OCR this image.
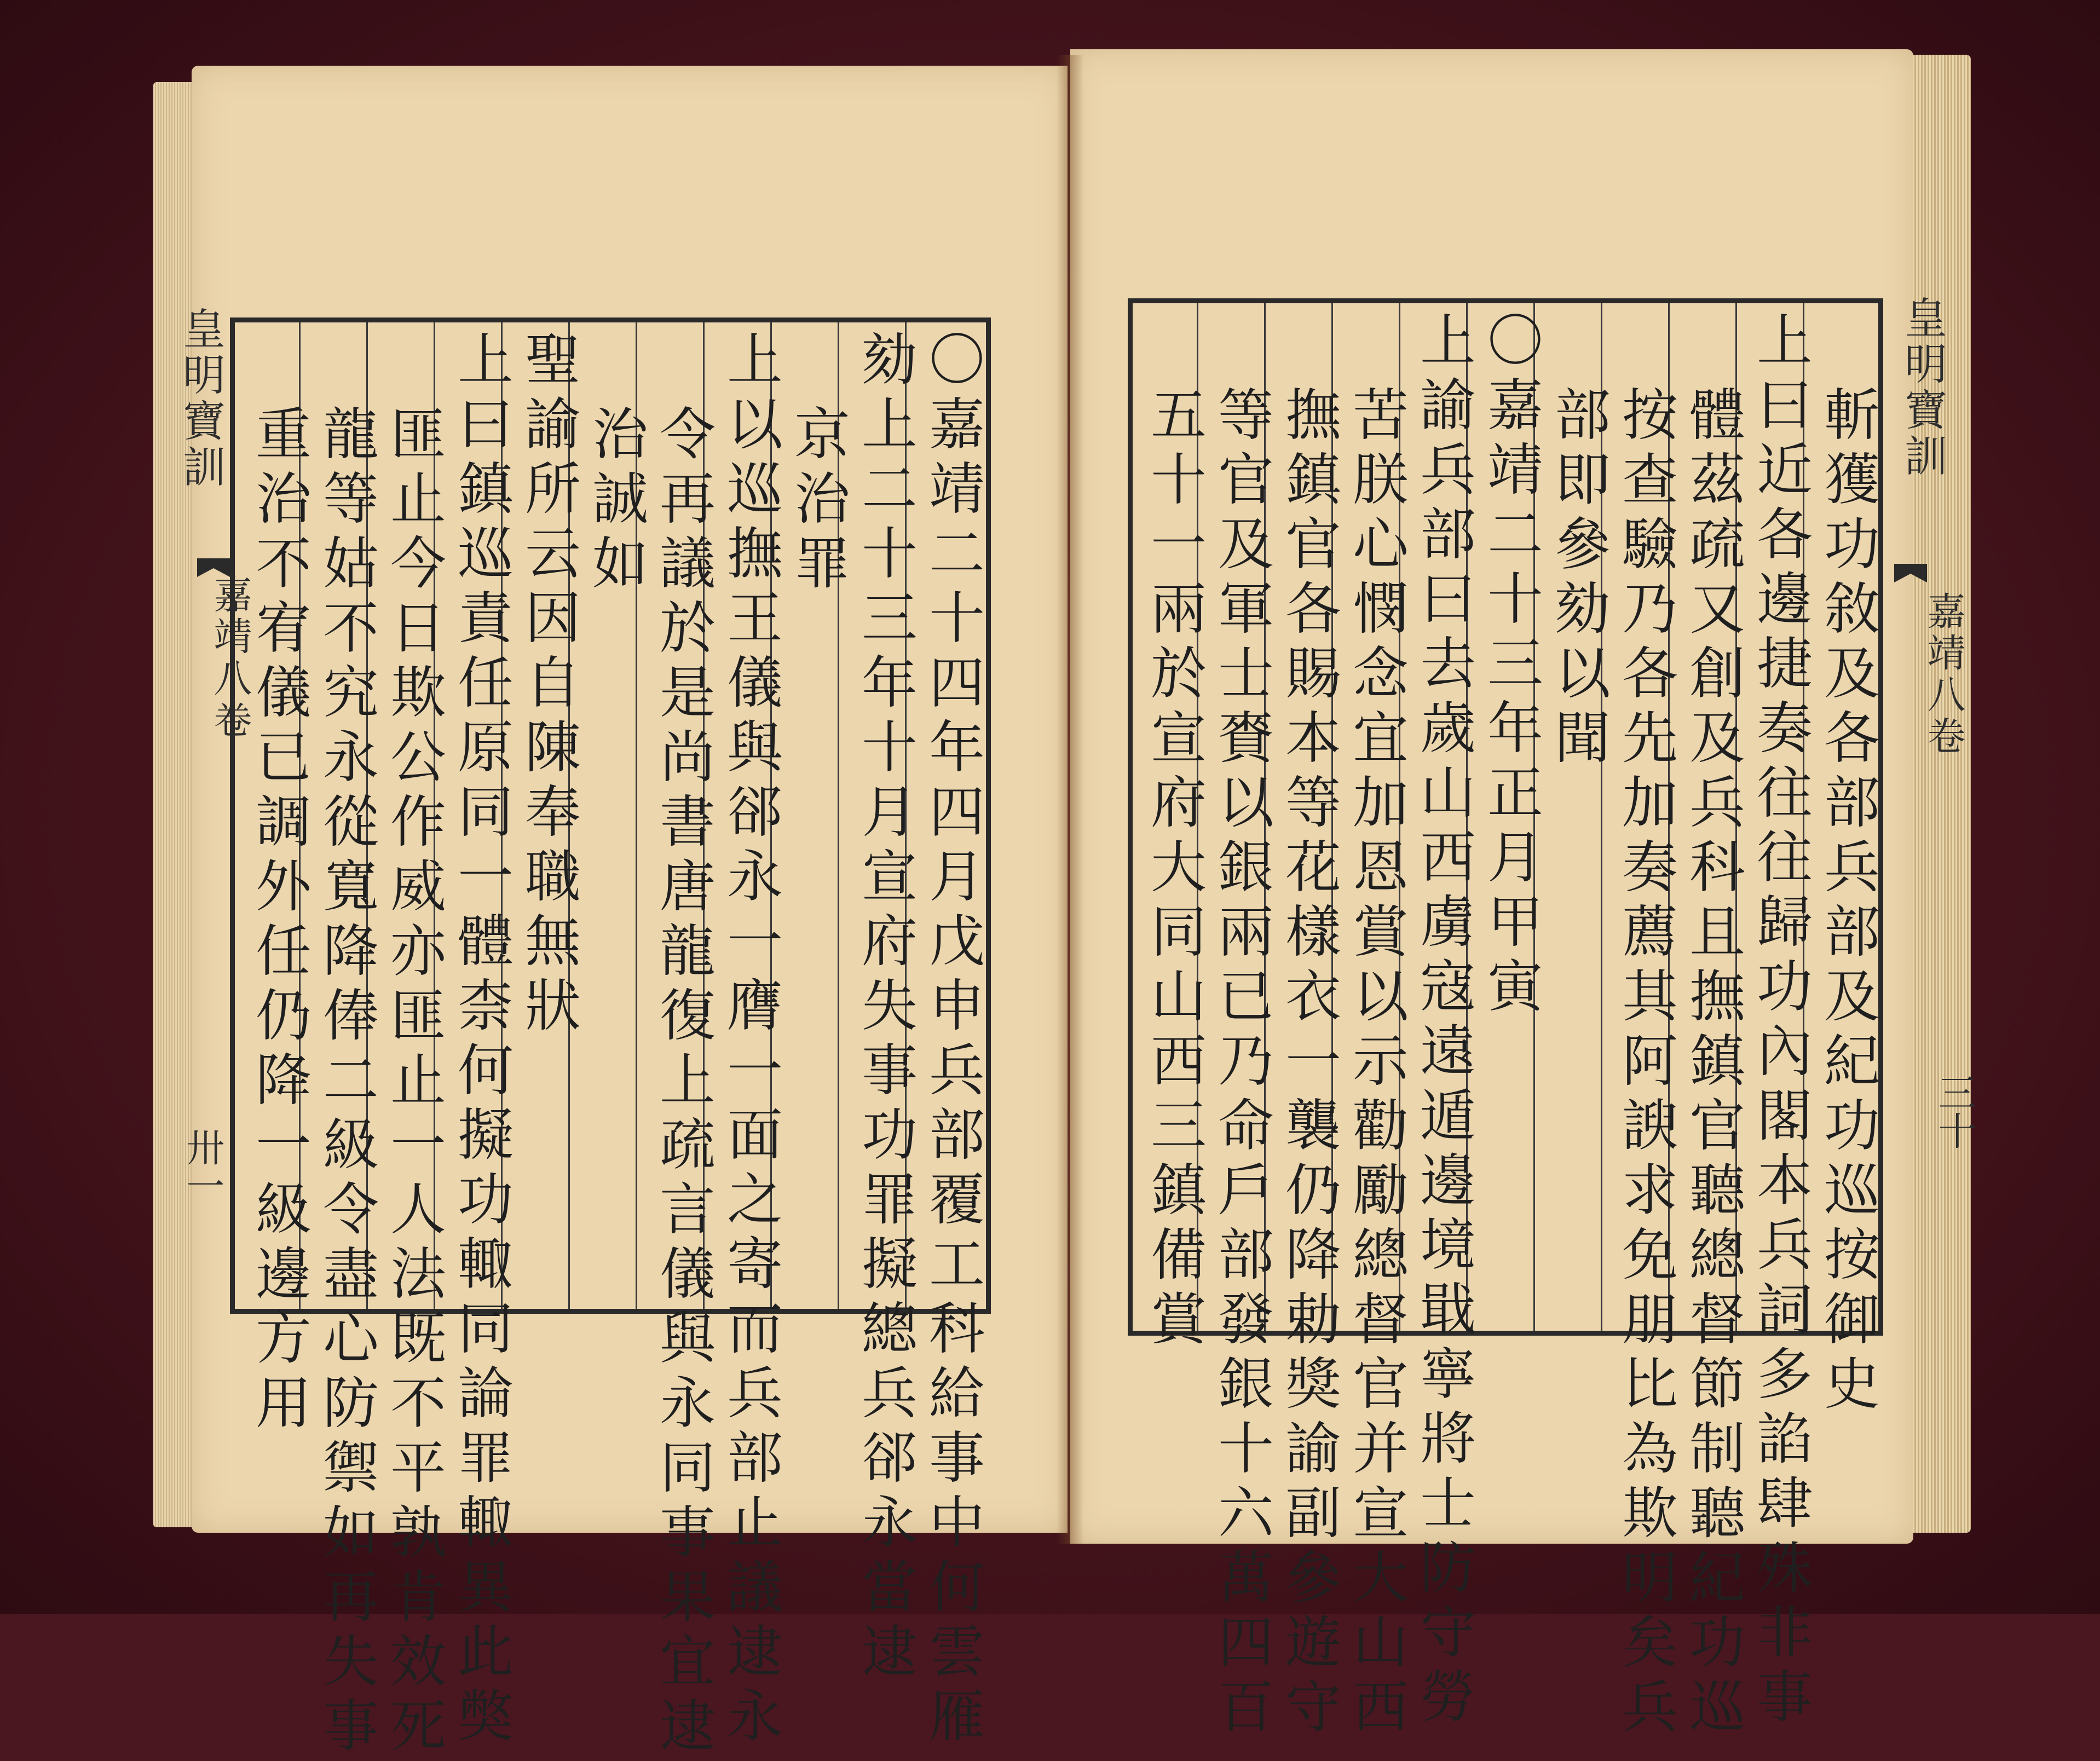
皇明寶訓
嘉靖八卷
卅一	〇嘉靖二十四年四月戊申兵部覆工科給事中何雲雁
劾上二十三年十月宣府失事功罪擬總兵郤永當逮
京治罪
上以巡撫王儀與郤永一膺一面之寄而兵部止議逮永
令再議於是尚書唐龍復上疏言儀與永同事果宜逮
治誠如
聖諭所云因自陳奉職無狀
上曰鎮巡責任原同一體柰何擬功輙同論罪輙異此獘
匪止今日欺公作威亦匪止一人法既不平孰肯效死
龍等姑不究永從寬降俸二級令盡心防禦如再失事
重治不宥儀已調外任仍降一級邊方用	斬獲功敘及各部兵部及紀功巡按御史
上曰近各邊捷奏往往歸功內閣本兵詞多諂肆殊非事
體茲疏又創及兵科且撫鎮官聽總督節制聽紀功巡
按查驗乃各先加奏薦其阿諛求免朋比為欺明矣兵
部即參劾以聞
〇嘉靖二十三年正月甲寅
上諭兵部曰去歲山西虜寇遠遁邊境戢寧將士防守勞
苦朕心憫念宜加恩賞以示勸勵總督官并宣大山西
撫鎮官各賜本等花樣衣一襲仍降勅獎諭副參遊守
等官及軍士賚以銀兩已乃命戶部發銀十六萬四百
五十一兩於宣府大同山西三鎮備賞	皇明寶訓
嘉靖八卷
三十
